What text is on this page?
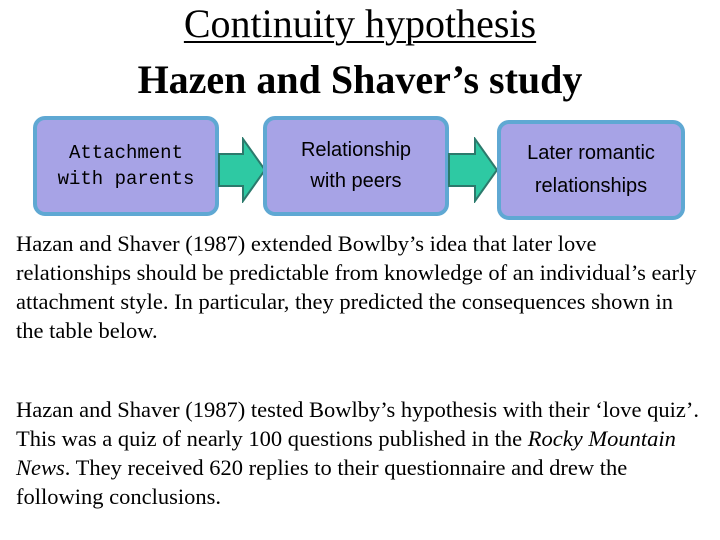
Continuity hypothesis
Hazen and Shaver’s study
Attachment
with parents
Relationship
with peers
Later romantic
relationships
Hazan and Shaver (1987) extended Bowlby’s idea that later love relationships should be predictable from knowledge of an individual’s early attachment style. In particular, they predicted the consequences shown in the table below.
Hazan and Shaver (1987) tested Bowlby’s hypothesis with their ‘love quiz’. This was a quiz of nearly 100 questions published in the Rocky Mountain News. They received 620 replies to their questionnaire and drew the following conclusions.
